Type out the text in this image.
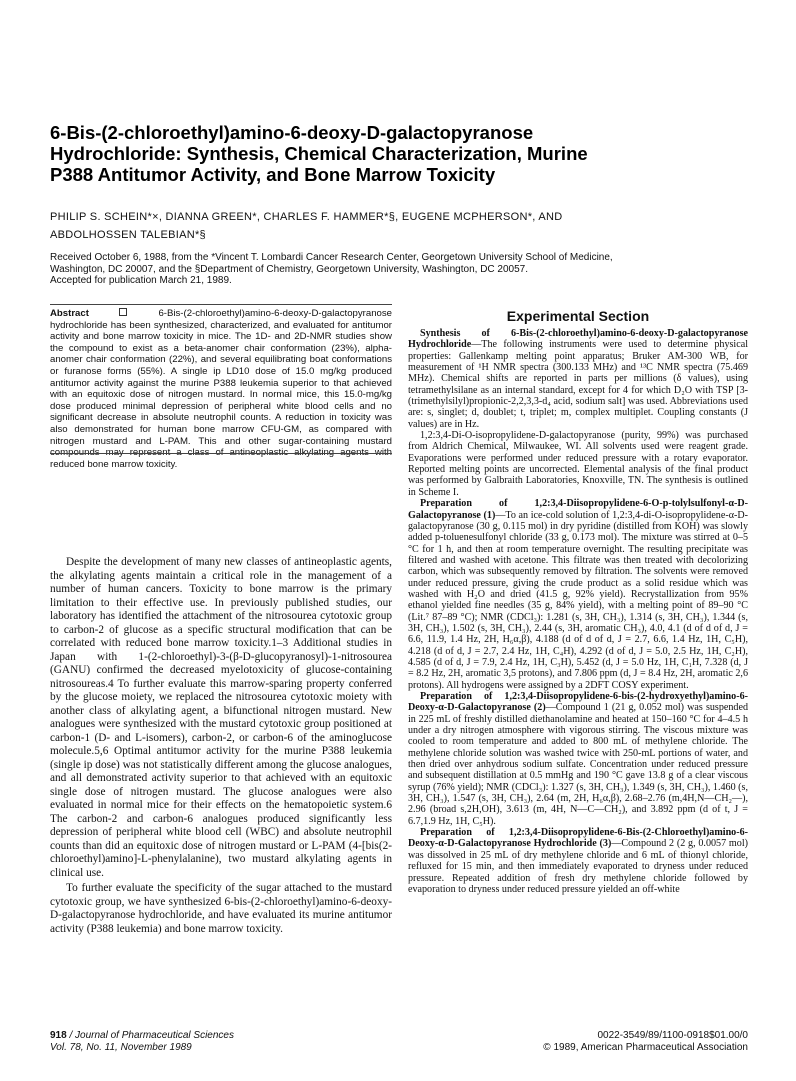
6-Bis-(2-chloroethyl)amino-6-deoxy-D-galactopyranose
Hydrochloride: Synthesis, Chemical Characterization, Murine
P388 Antitumor Activity, and Bone Marrow Toxicity
PHILIP S. SCHEIN*×, DIANNA GREEN*, CHARLES F. HAMMER*§, EUGENE MCPHERSON*, AND
ABDOLHOSSEN TALEBIAN*§
Received October 6, 1988, from the *Vincent T. Lombardi Cancer Research Center, Georgetown University School of Medicine,
Washington, DC 20007, and the §Department of Chemistry, Georgetown University, Washington, DC 20057.
Accepted for publication March 21, 1989.
Abstract	6-Bis-(2-chloroethyl)amino-6-deoxy-D-galactopyranose hydrochloride has been synthesized, characterized, and evaluated for antitumor activity and bone marrow toxicity in mice. The 1D- and 2D-NMR studies show the compound to exist as a beta-anomer chair conformation (23%), alpha-anomer chair conformation (22%), and several equilibrating boat conformations or furanose forms (55%). A single ip LD10 dose of 15.0 mg/kg produced antitumor activity against the murine P388 leukemia superior to that achieved with an equitoxic dose of nitrogen mustard. In normal mice, this 15.0-mg/kg dose produced minimal depression of peripheral white blood cells and no significant decrease in absolute neutrophil counts. A reduction in toxicity was also demonstrated for human bone marrow CFU-GM, as compared with nitrogen mustard and L-PAM. This and other sugar-containing mustard compounds may represent a class of antineoplastic alkylating agents with reduced bone marrow toxicity.

Despite the development of many new classes of antineoplastic agents, the alkylating agents maintain a critical role in the management of a number of human cancers. Toxicity to bone marrow is the primary limitation to their effective use. In previously published studies, our laboratory has identified the attachment of the nitrosourea cytotoxic group to carbon-2 of glucose as a specific structural modification that can be correlated with reduced bone marrow toxicity.1–3 Additional studies in Japan with 1-(2-chloroethyl)-3-(β-D-glucopyranosyl)-1-nitrosourea (GANU) confirmed the decreased myelotoxicity of glucose-containing nitrosoureas.4 To further evaluate this marrow-sparing property conferred by the glucose moiety, we replaced the nitrosourea cytotoxic moiety with another class of alkylating agent, a bifunctional nitrogen mustard. New analogues were synthesized with the mustard cytotoxic group positioned at carbon-1 (D- and L-isomers), carbon-2, or carbon-6 of the aminoglucose molecule.5,6 Optimal antitumor activity for the murine P388 leukemia (single ip dose) was not statistically different among the glucose analogues, and all demonstrated activity superior to that achieved with an equitoxic single dose of nitrogen mustard. The glucose analogues were also evaluated in normal mice for their effects on the hematopoietic system.6 The carbon-2 and carbon-6 analogues produced significantly less depression of peripheral white blood cell (WBC) and absolute neutrophil counts than did an equitoxic dose of nitrogen mustard or L-PAM (4-[bis(2-chloroethyl)amino]-L-phenylalanine), two mustard alkylating agents in clinical use.

To further evaluate the specificity of the sugar attached to the mustard cytotoxic group, we have synthesized 6-bis-(2-chloroethyl)amino-6-deoxy-D-galactopyranose hydrochloride, and have evaluated its murine antitumor activity (P388 leukemia) and bone marrow toxicity.

Experimental Section

Synthesis of 6-Bis-(2-chloroethyl)amino-6-deoxy-D-galactopyranose Hydrochloride—The following instruments were used to determine physical properties: Gallenkamp melting point apparatus; Bruker AM-300 WB, for measurement of ¹H NMR spectra (300.133 MHz) and ¹³C NMR spectra (75.469 MHz). Chemical shifts are reported in parts per millions (δ values), using tetramethylsilane as an internal standard, except for 4 for which D₂O with TSP [3-(trimethylsilyl)propionic-2,2,3,3-d₄ acid, sodium salt] was used. Abbreviations used are: s, singlet; d, doublet; t, triplet; m, complex multiplet. Coupling constants (J values) are in Hz.

1,2:3,4-Di-O-isopropylidene-D-galactopyranose (purity, 99%) was purchased from Aldrich Chemical, Milwaukee, WI. All solvents used were reagent grade. Evaporations were performed under reduced pressure with a rotary evaporator. Reported melting points are uncorrected. Elemental analysis of the final product was performed by Galbraith Laboratories, Knoxville, TN. The synthesis is outlined in Scheme I.

Preparation of 1,2:3,4-Diisopropylidene-6-O-p-tolylsulfonyl-α-D-Galactopyranose (1)—To an ice-cold solution of 1,2:3,4-di-O-isopropylidene-α-D-galactopyranose (30 g, 0.115 mol) in dry pyridine (distilled from KOH) was slowly added p-toluenesulfonyl chloride (33 g, 0.173 mol). The mixture was stirred at 0–5 °C for 1 h, and then at room temperature overnight. The resulting precipitate was filtered and washed with acetone. This filtrate was then treated with decolorizing carbon, which was subsequently removed by filtration. The solvents were removed under reduced pressure, giving the crude product as a solid residue which was washed with H₂O and dried (41.5 g, 92% yield). Recrystallization from 95% ethanol yielded fine needles (35 g, 84% yield), with a melting point of 89–90 °C (Lit.⁷ 87–89 °C); NMR (CDCl₃): 1.281 (s, 3H, CH₃), 1.314 (s, 3H, CH₃), 1.344 (s, 3H, CH₃), 1.502 (s, 3H, CH₃), 2.44 (s, 3H, aromatic CH₃), 4.0, 4.1 (d of d of d, J = 6.6, 11.9, 1.4 Hz, 2H, H₆α,β), 4.188 (d of d of d, J = 2.7, 6.6, 1.4 Hz, 1H, C₅H), 4.218 (d of d, J = 2.7, 2.4 Hz, 1H, C₄H), 4.292 (d of d, J = 5.0, 2.5 Hz, 1H, C₂H), 4.585 (d of d, J = 7.9, 2.4 Hz, 1H, C₃H), 5.452 (d, J = 5.0 Hz, 1H, C₁H, 7.328 (d, J = 8.2 Hz, 2H, aromatic 3,5 protons), and 7.806 ppm (d, J = 8.4 Hz, 2H, aromatic 2,6 protons). All hydrogens were assigned by a 2DFT COSY experiment.

Preparation of 1,2:3,4-Diisopropylidene-6-bis-(2-hydroxyethyl)amino-6-Deoxy-α-D-Galactopyranose (2)—Compound 1 (21 g, 0.052 mol) was suspended in 225 mL of freshly distilled diethanolamine and heated at 150–160 °C for 4–4.5 h under a dry nitrogen atmosphere with vigorous stirring. The viscous mixture was cooled to room temperature and added to 800 mL of methylene chloride. The methylene chloride solution was washed twice with 250-mL portions of water, and then dried over anhydrous sodium sulfate. Concentration under reduced pressure and subsequent distillation at 0.5 mmHg and 190 °C gave 13.8 g of a clear viscous syrup (76% yield); NMR (CDCl₃): 1.327 (s, 3H, CH₃), 1.349 (s, 3H, CH₃), 1.460 (s, 3H, CH₃), 1.547 (s, 3H, CH₃), 2.64 (m, 2H, H₆α,β), 2.68–2.76 (m,4H,N—CH₂—), 2.96 (broad s,2H,OH), 3.613 (m, 4H, N—C—CH₂), and 3.892 ppm (d of t, J = 6.7,1.9 Hz, 1H, C₅H).

Preparation of 1,2:3,4-Diisopropylidene-6-Bis-(2-Chloroethyl)amino-6-Deoxy-α-D-Galactopyranose Hydrochloride (3)—Compound 2 (2 g, 0.0057 mol) was dissolved in 25 mL of dry methylene chloride and 6 mL of thionyl chloride, refluxed for 15 min, and then immediately evaporated to dryness under reduced pressure. Repeated addition of fresh dry methylene chloride followed by evaporation to dryness under reduced pressure yielded an off-white

918 / Journal of Pharmaceutical Sciences
Vol. 78, No. 11, November 1989
0022-3549/89/1100-0918$01.00/0
© 1989, American Pharmaceutical Association
